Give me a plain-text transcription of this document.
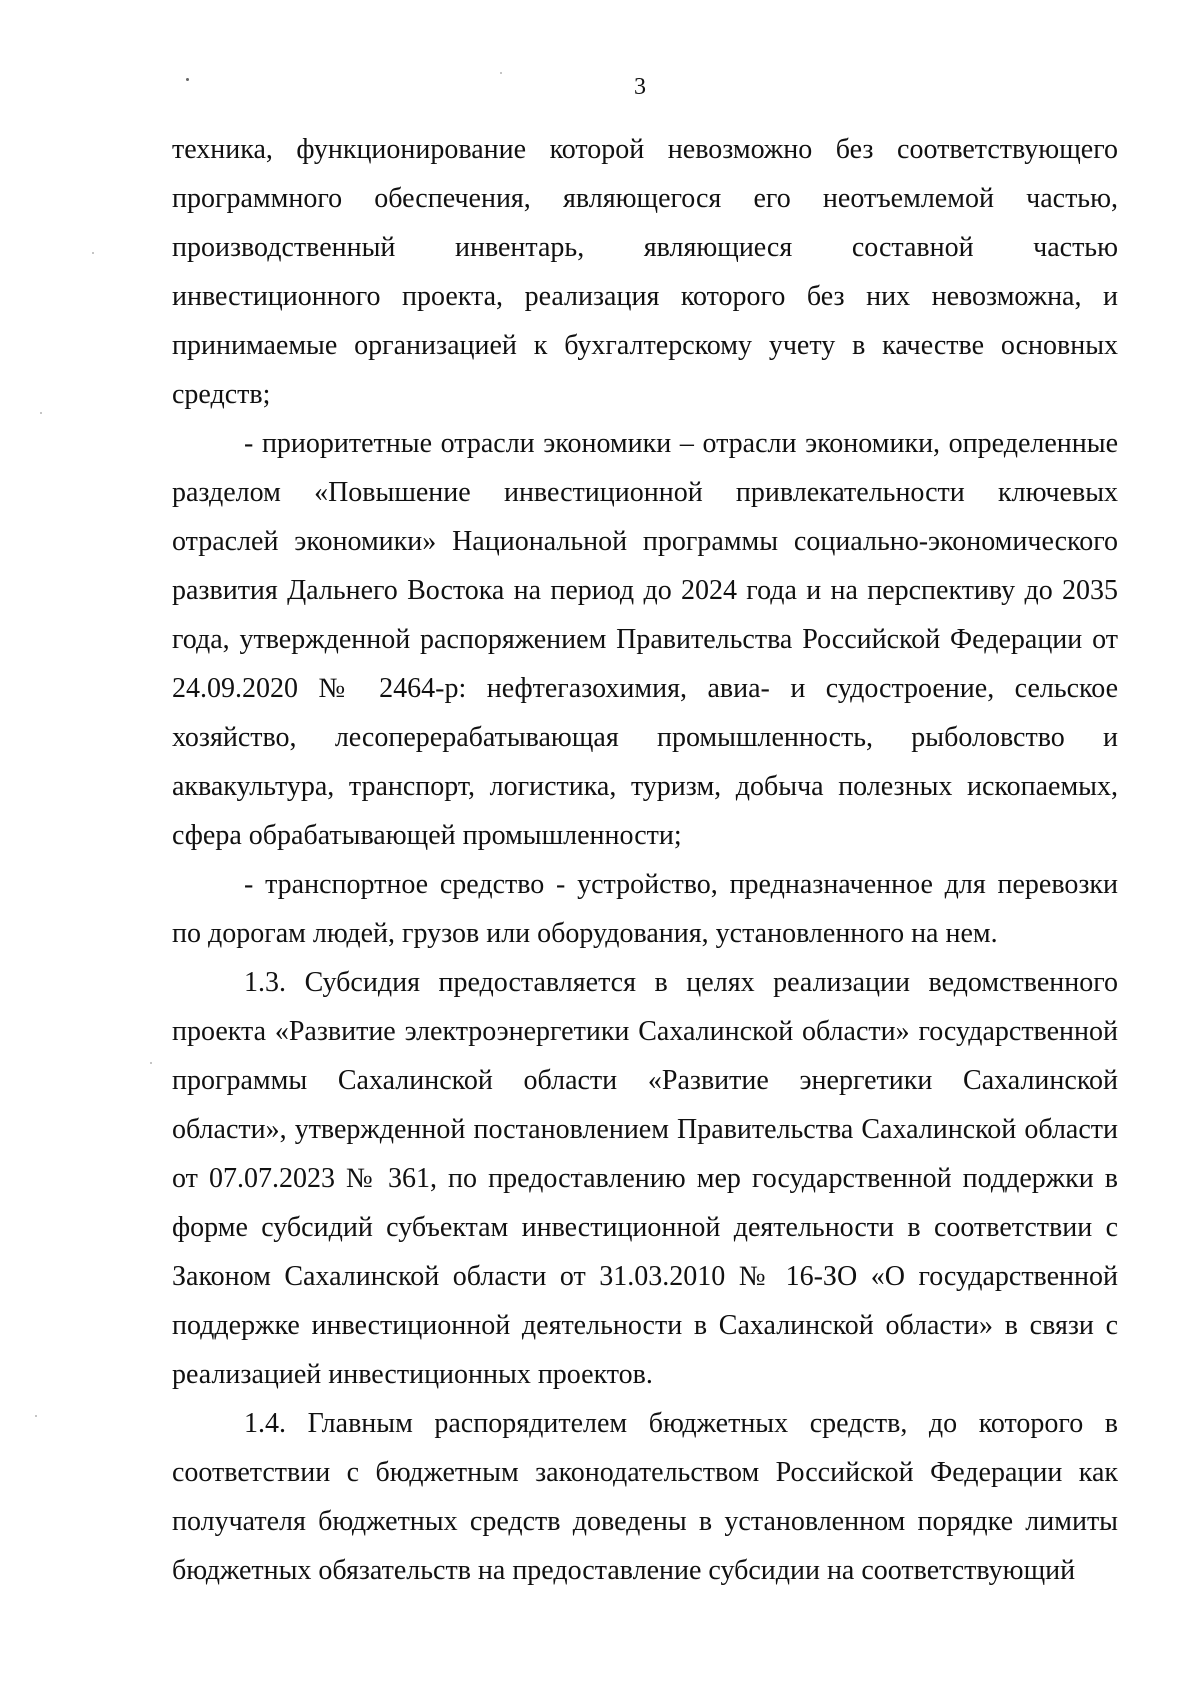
3

техника, функционирование которой невозможно без соответствующего программного обеспечения, являющегося его неотъемлемой частью, производственный инвентарь, являющиеся составной частью инвестиционного проекта, реализация которого без них невозможна, и принимаемые организацией к бухгалтерскому учету в качестве основных средств;

- приоритетные отрасли экономики – отрасли экономики, определенные разделом «Повышение инвестиционной привлекательности ключевых отраслей экономики» Национальной программы социально-экономического развития Дальнего Востока на период до 2024 года и на перспективу до 2035 года, утвержденной распоряжением Правительства Российской Федерации от 24.09.2020 № 2464-р: нефтегазохимия, авиа- и судостроение, сельское хозяйство, лесоперерабатывающая промышленность, рыболовство и аквакультура, транспорт, логистика, туризм, добыча полезных ископаемых, сфера обрабатывающей промышленности;

- транспортное средство - устройство, предназначенное для перевозки по дорогам людей, грузов или оборудования, установленного на нем.

1.3. Субсидия предоставляется в целях реализации ведомственного проекта «Развитие электроэнергетики Сахалинской области» государственной программы Сахалинской области «Развитие энергетики Сахалинской области», утвержденной постановлением Правительства Сахалинской области от 07.07.2023 № 361, по предоставлению мер государственной поддержки в форме субсидий субъектам инвестиционной деятельности в соответствии с Законом Сахалинской области от 31.03.2010 № 16-ЗО «О государственной поддержке инвестиционной деятельности в Сахалинской области» в связи с реализацией инвестиционных проектов.

1.4. Главным распорядителем бюджетных средств, до которого в соответствии с бюджетным законодательством Российской Федерации как получателя бюджетных средств доведены в установленном порядке лимиты бюджетных обязательств на предоставление субсидии на соответствующий
